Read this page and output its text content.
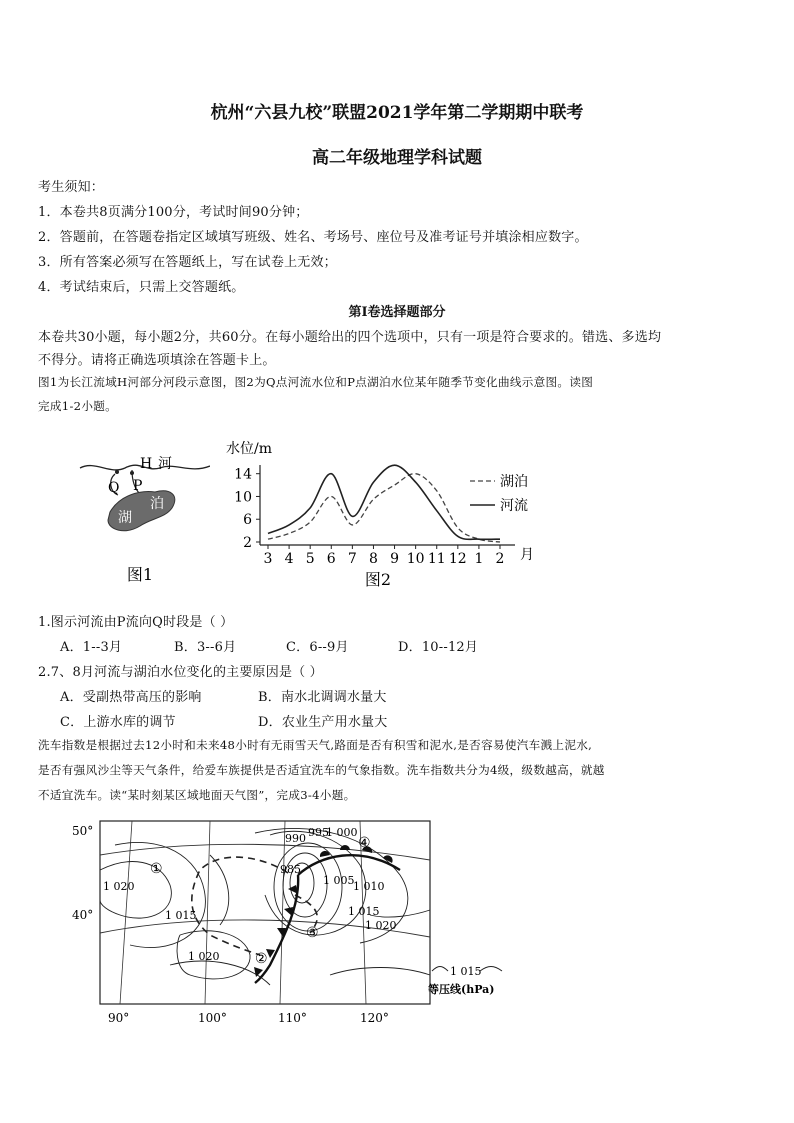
杭州“六县九校”联盟2021学年第二学期期中联考
高二年级地理学科试题
考生须知：
1．本卷共8页满分100分，考试时间90分钟；
2．答题前，在答题卷指定区域填写班级、姓名、考场号、座位号及准考证号并填涂相应数字。
3．所有答案必须写在答题纸上，写在试卷上无效；
4．考试结束后，只需上交答题纸。
第Ⅰ卷选择题部分
本卷共30小题，每小题2分，共60分。在每小题给出的四个选项中，只有一项是符合要求的。错选、多选均
不得分。请将正确选项填涂在答题卡上。
图1为长江流域H河部分河段示意图，图2为Q点河流水位和P点湖泊水位某年随季节变化曲线示意图。读图
完成1-2小题。
H 河
Q P
湖
泊
图1
水位/m
2
6
10
14
3 4 5 6 7 8 9 10 11 12 1 2 月
湖泊
河流
图2
1.图示河流由P流向Q时段是（ ）
A．1--3月	B．3--6月	C．6--9月	D．10--12月
2.7、8月河流与湖泊水位变化的主要原因是（ ）
A．受副热带高压的影响	B．南水北调调水量大
C．上游水库的调节	D．农业生产用水量大
洗车指数是根据过去12小时和未来48小时有无雨雪天气,路面是否有积雪和泥水,是否容易使汽车溅上泥水,
是否有强风沙尘等天气条件，给爱车族提供是否适宜洗车的气象指数。洗车指数共分为4级，级数越高，就越
不适宜洗车。读“某时刻某区域地面天气图”，完成3-4小题。
990 995
1 000
985
1 005
1 010
1 015
1 020
1 020
1 015
1 020
①
②
③
④
50°
40°
90°	100°	110°	120°
1 015
等压线(hPa)
